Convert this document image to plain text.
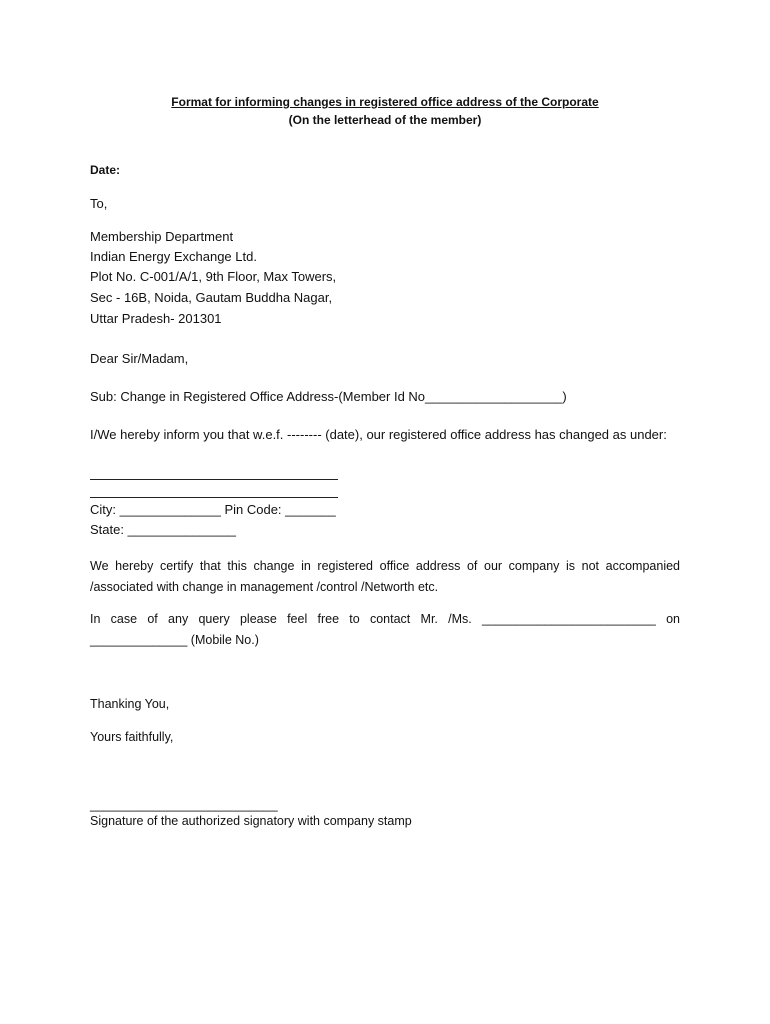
Format for informing changes in registered office address of the Corporate
(On the letterhead of the member)
Date:
To,
Membership Department
Indian Energy Exchange Ltd.
Plot No. C-001/A/1, 9th Floor, Max Towers,
Sec - 16B, Noida, Gautam Buddha Nagar,
Uttar Pradesh- 201301
Dear Sir/Madam,
Sub: Change in Registered Office Address-(Member Id No___________________)
I/We hereby inform you that w.e.f. -------- (date), our registered office address has changed as under:
City: ______________ Pin Code: _______
State: _______________
We hereby certify that this change in registered office address of our company is not accompanied /associated with change in management /control /Networth etc.
In case of any query please feel free to contact Mr. /Ms. _________________________ on ______________ (Mobile No.)
Thanking You,
Yours faithfully,
___________________________
Signature of the authorized signatory with company stamp
